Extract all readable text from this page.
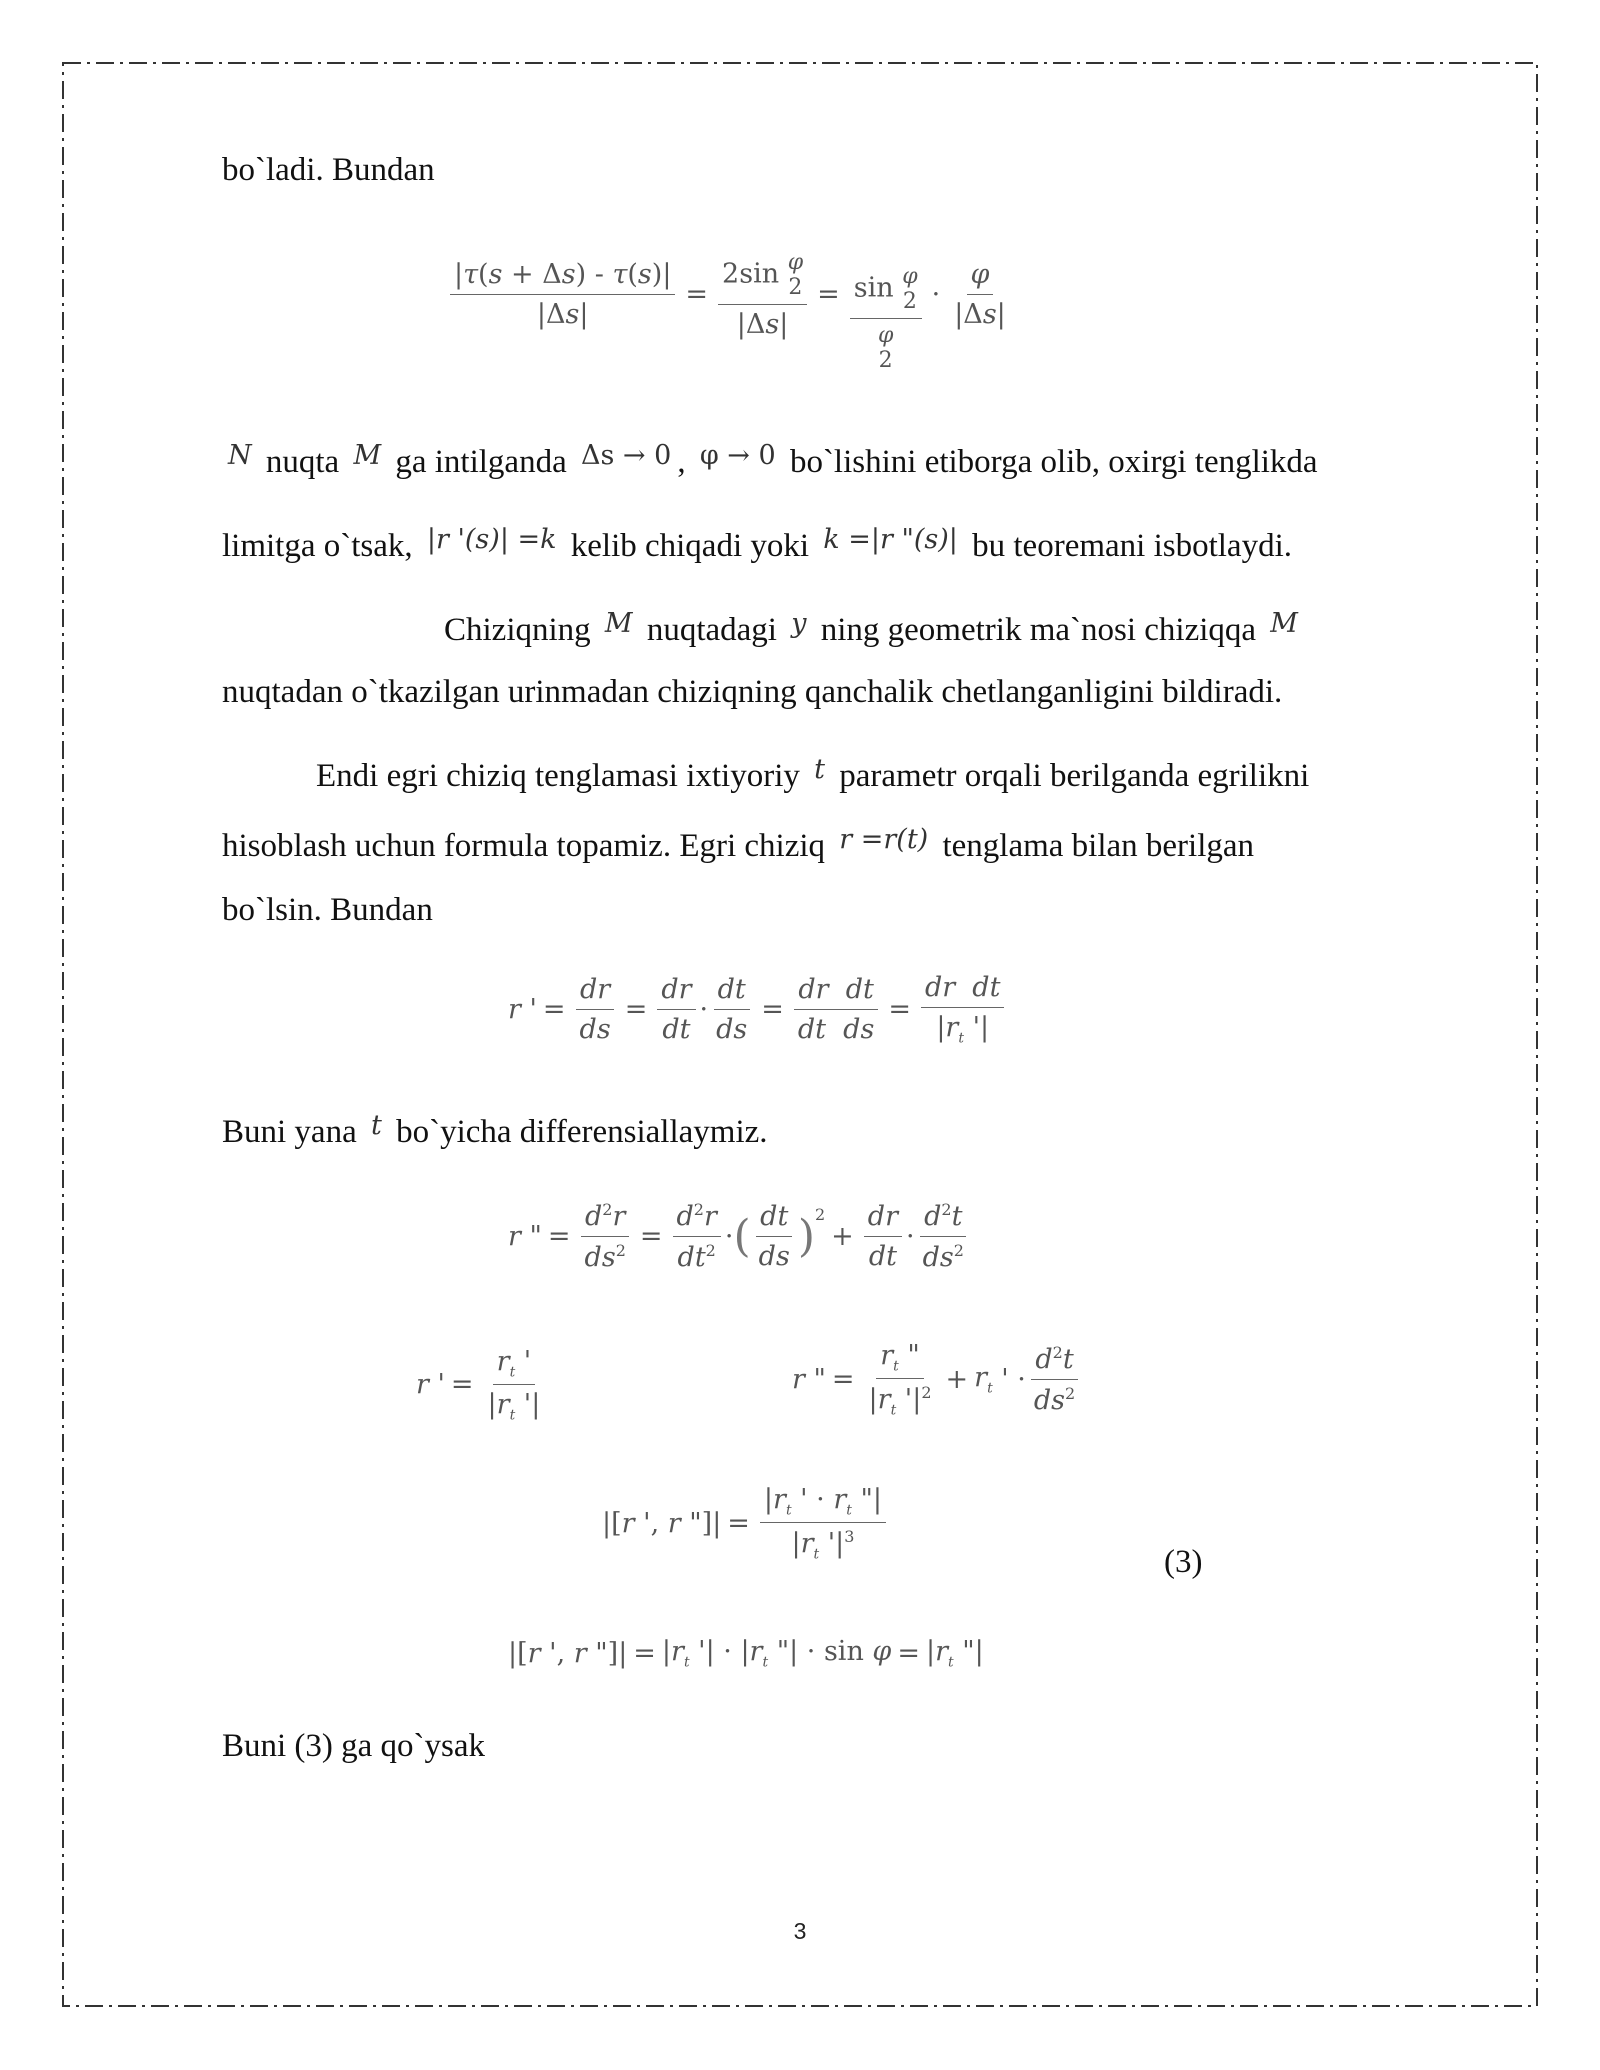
bo`ladi. Bundan
$\frac{|\tau(s + \Delta s) - \tau(s)|}{|\Delta s|} = 2\sin$ φ
2
|Δs| = sin φ
2
φ
$2 \cdot \frac{\varphi}{|\Delta s|}$
$^N$ nuqta $^M$ ga intilganda $^{\Delta s \to 0}$ , $^{\varphi \to 0}$ bo`lishini etiborga olib, oxirgi tenglikda
limitga o`tsak, $^{|r '(s)| =k}$ kelib chiqadi yoki $^{k =|r "(s)|}$ bu teoremani isbotlaydi.
Chiziqning $^M$ nuqtadagi $^y$ ning geometrik ma`nosi chiziqqa $^M$
nuqtadan o`tkazilgan urinmadan chiziqning qanchalik chetlanganligini bildiradi.
Endi egri chiziq tenglamasi ixtiyoriy $^t$ parametr orqali berilganda egrilikni
hisoblash uchun formula topamiz. Egri chiziq $^{r =r(t)}$ tenglama bilan berilgan
bo`lsin. Bundan
r ' = $\frac{dr}{ds} = \frac{dr}{dt} \cdot \frac{dt}{ds} = \frac{\text{dr  dt}}{\text{dt  ds}} = \frac{\text{dr  dt}}{|r_t '|}$
Buni yana $^t$ bo`yicha differensiallaymiz.
r " = $\frac{d^2r}{ds^2} = \frac{d^2r}{dt^2}$ · ( $\frac{dt}{ds} )^2$
+ $\frac{dr}{dt} \cdot \frac{d^2t}{ds^2}$
r ' = $\frac{r_t '}{|r_t '|}$	r " = $\frac{r_t "}{|r_t '|^2} + r_t$ ' · $\frac{d^2t}{ds^2}$
|[r ', r "]| = $\frac{|r_t ' \cdot r_t "|}{|r_t '|^3}$	(3)
|[r ', r "]| = $|r_t$ '| · $|r_t$ "| · $\sin \varphi = |r_t$ "|
Buni (3) ga qo`ysak
3
